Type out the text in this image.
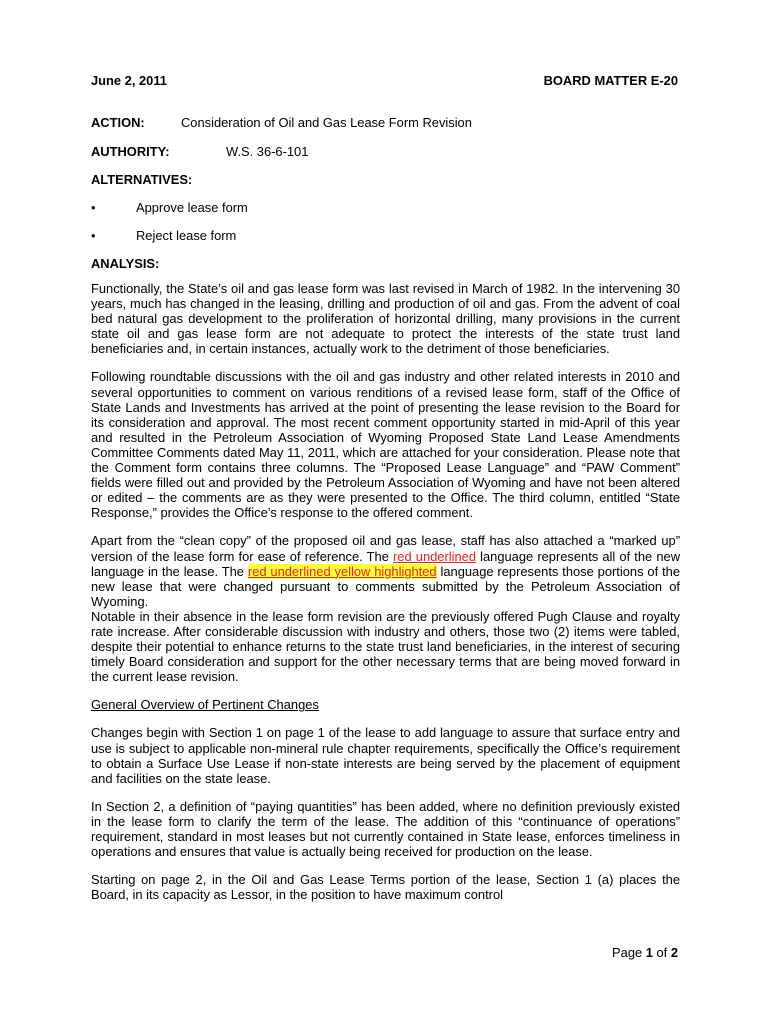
June 2, 2011	BOARD MATTER E-20
ACTION:	Consideration of Oil and Gas Lease Form Revision
AUTHORITY:	W.S. 36-6-101
ALTERNATIVES:
•	Approve lease form
•	Reject lease form
ANALYSIS:

Functionally, the State’s oil and gas lease form was last revised in March of 1982. In the intervening 30 years, much has changed in the leasing, drilling and production of oil and gas. From the advent of coal bed natural gas development to the proliferation of horizontal drilling, many provisions in the current state oil and gas lease form are not adequate to protect the interests of the state trust land beneficiaries and, in certain instances, actually work to the detriment of those beneficiaries.

Following roundtable discussions with the oil and gas industry and other related interests in 2010 and several opportunities to comment on various renditions of a revised lease form, staff of the Office of State Lands and Investments has arrived at the point of presenting the lease revision to the Board for its consideration and approval. The most recent comment opportunity started in mid-April of this year and resulted in the Petroleum Association of Wyoming Proposed State Land Lease Amendments Committee Comments dated May 11, 2011, which are attached for your consideration. Please note that the Comment form contains three columns. The “Proposed Lease Language” and “PAW Comment” fields were filled out and provided by the Petroleum Association of Wyoming and have not been altered or edited – the comments are as they were presented to the Office. The third column, entitled “State Response,” provides the Office’s response to the offered comment.

Apart from the “clean copy” of the proposed oil and gas lease, staff has also attached a “marked up” version of the lease form for ease of reference. The red underlined language represents all of the new language in the lease. The red underlined yellow highlighted language represents those portions of the new lease that were changed pursuant to comments submitted by the Petroleum Association of Wyoming.

Notable in their absence in the lease form revision are the previously offered Pugh Clause and royalty rate increase. After considerable discussion with industry and others, those two (2) items were tabled, despite their potential to enhance returns to the state trust land beneficiaries, in the interest of securing timely Board consideration and support for the other necessary terms that are being moved forward in the current lease revision.

General Overview of Pertinent Changes

Changes begin with Section 1 on page 1 of the lease to add language to assure that surface entry and use is subject to applicable non-mineral rule chapter requirements, specifically the Office’s requirement to obtain a Surface Use Lease if non-state interests are being served by the placement of equipment and facilities on the state lease.

In Section 2, a definition of “paying quantities” has been added, where no definition previously existed in the lease form to clarify the term of the lease. The addition of this “continuance of operations” requirement, standard in most leases but not currently contained in State lease, enforces timeliness in operations and ensures that value is actually being received for production on the lease.

Starting on page 2, in the Oil and Gas Lease Terms portion of the lease, Section 1 (a) places the Board, in its capacity as Lessor, in the position to have maximum control

Page 1 of 2
